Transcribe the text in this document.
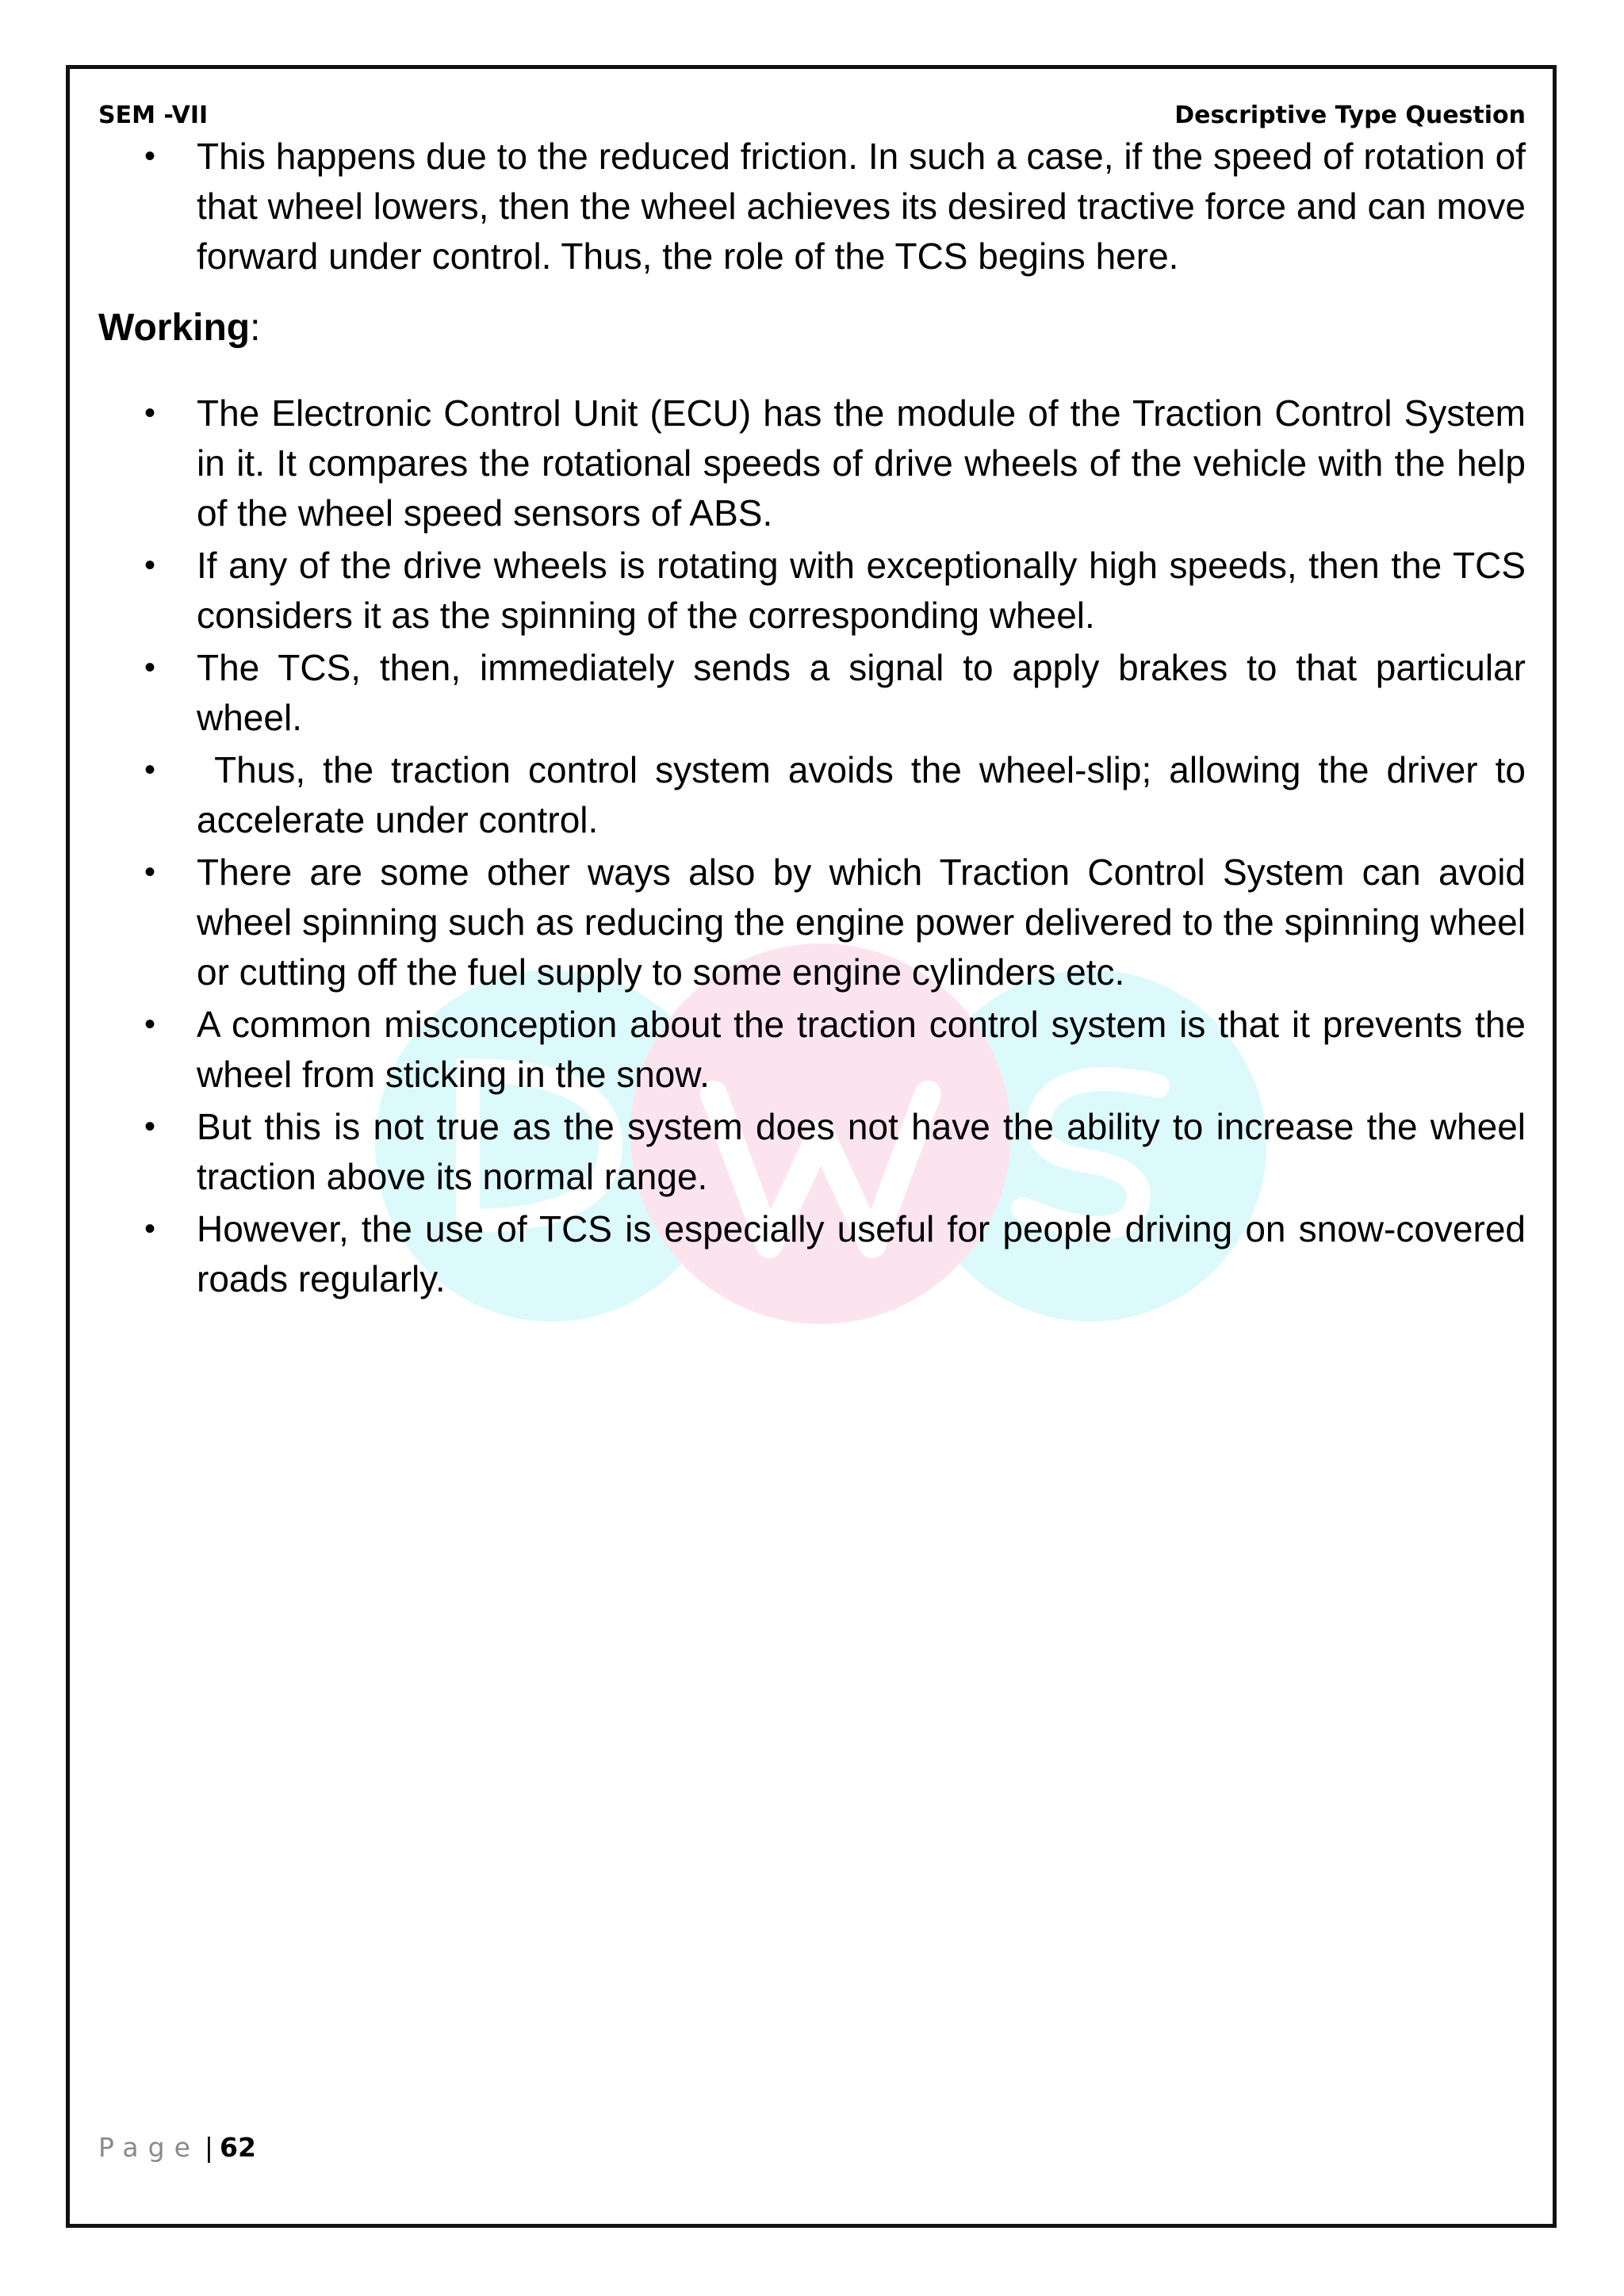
SEM -VII	Descriptive Type Question
• This happens due to the reduced friction. In such a case, if the speed of rotation of that wheel lowers, then the wheel achieves its desired tractive force and can move forward under control. Thus, the role of the TCS begins here.
Working:
• The Electronic Control Unit (ECU) has the module of the Traction Control System in it. It compares the rotational speeds of drive wheels of the vehicle with the help of the wheel speed sensors of ABS.
• If any of the drive wheels is rotating with exceptionally high speeds, then the TCS considers it as the spinning of the corresponding wheel.
• The TCS, then, immediately sends a signal to apply brakes to that particular wheel.
• Thus, the traction control system avoids the wheel-slip; allowing the driver to accelerate under control.
• There are some other ways also by which Traction Control System can avoid wheel spinning such as reducing the engine power delivered to the spinning wheel or cutting off the fuel supply to some engine cylinders etc.
• A common misconception about the traction control system is that it prevents the wheel from sticking in the snow.
• But this is not true as the system does not have the ability to increase the wheel traction above its normal range.
• However, the use of TCS is especially useful for people driving on snow-covered roads regularly.
Page | 62
